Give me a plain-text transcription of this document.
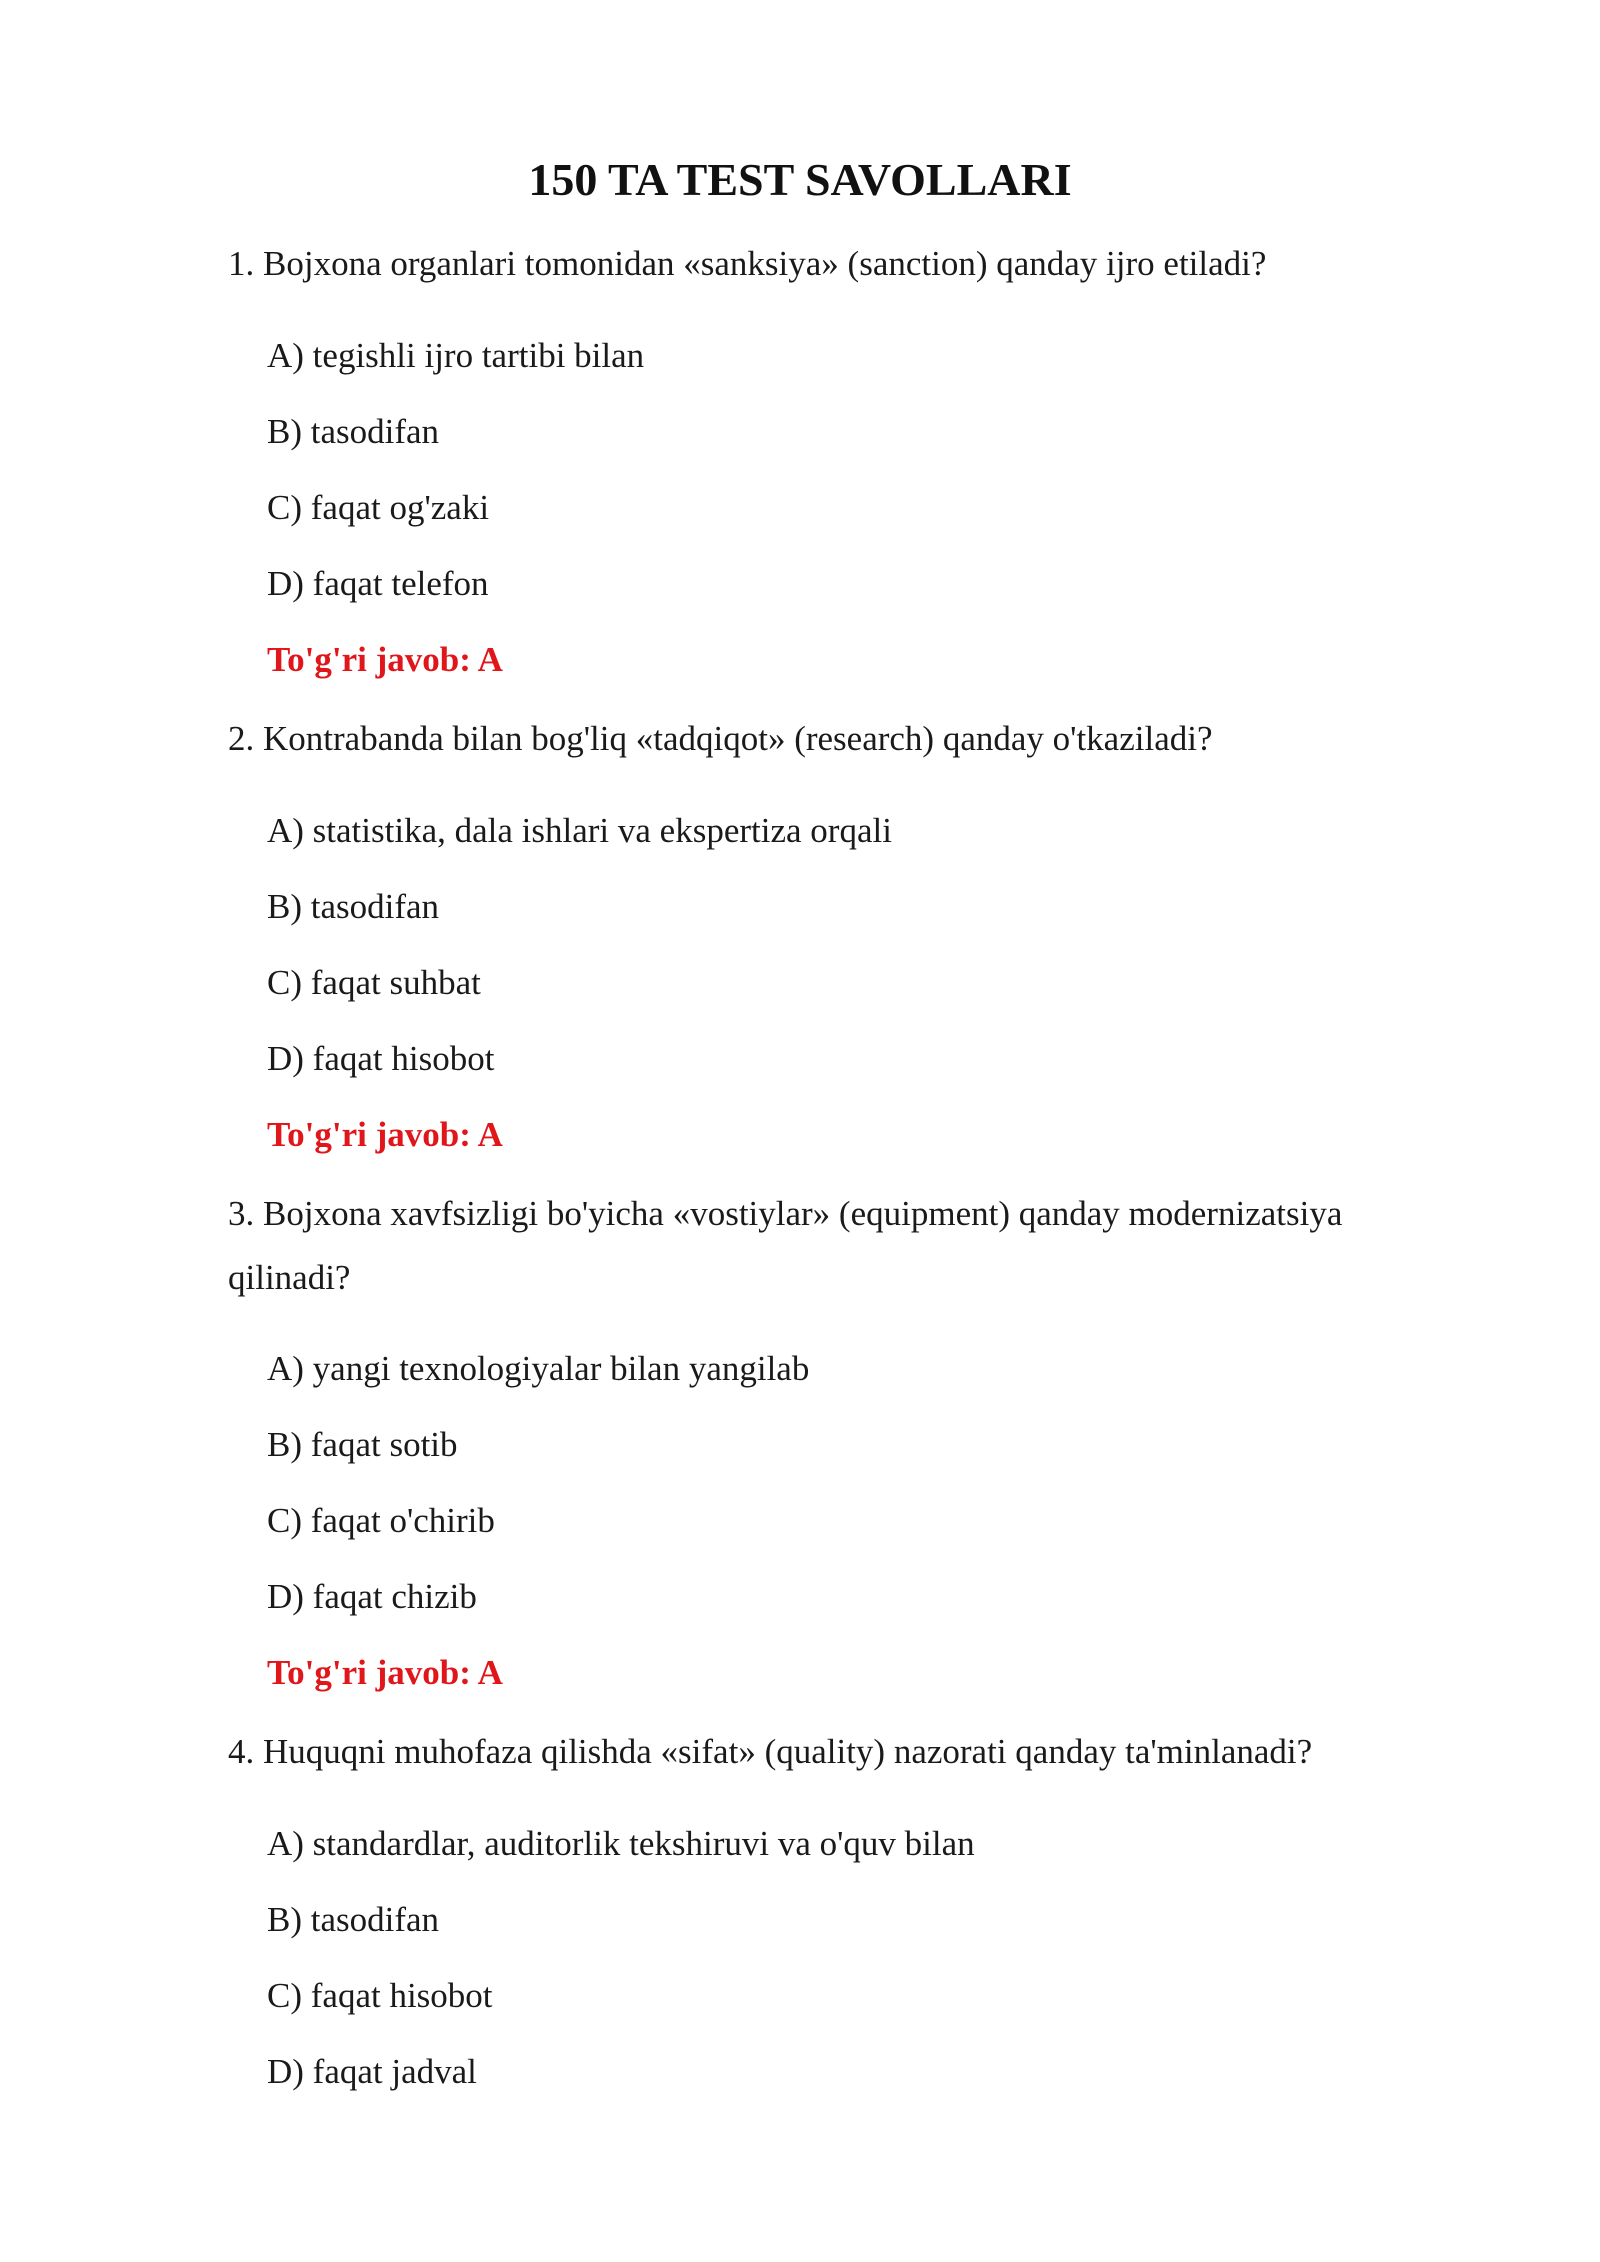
150 TA TEST SAVOLLARI

1. Bojxona organlari tomonidan «sanksiya» (sanction) qanday ijro etiladi?

A) tegishli ijro tartibi bilan

B) tasodifan

C) faqat og'zaki

D) faqat telefon

To'g'ri javob: A

2. Kontrabanda bilan bog'liq «tadqiqot» (research) qanday o'tkaziladi?

A) statistika, dala ishlari va ekspertiza orqali

B) tasodifan

C) faqat suhbat

D) faqat hisobot

To'g'ri javob: A

3. Bojxona xavfsizligi bo'yicha «vostiylar» (equipment) qanday modernizatsiya qilinadi?

A) yangi texnologiyalar bilan yangilab

B) faqat sotib

C) faqat o'chirib

D) faqat chizib

To'g'ri javob: A

4. Huquqni muhofaza qilishda «sifat» (quality) nazorati qanday ta'minlanadi?

A) standardlar, auditorlik tekshiruvi va o'quv bilan

B) tasodifan

C) faqat hisobot

D) faqat jadval
